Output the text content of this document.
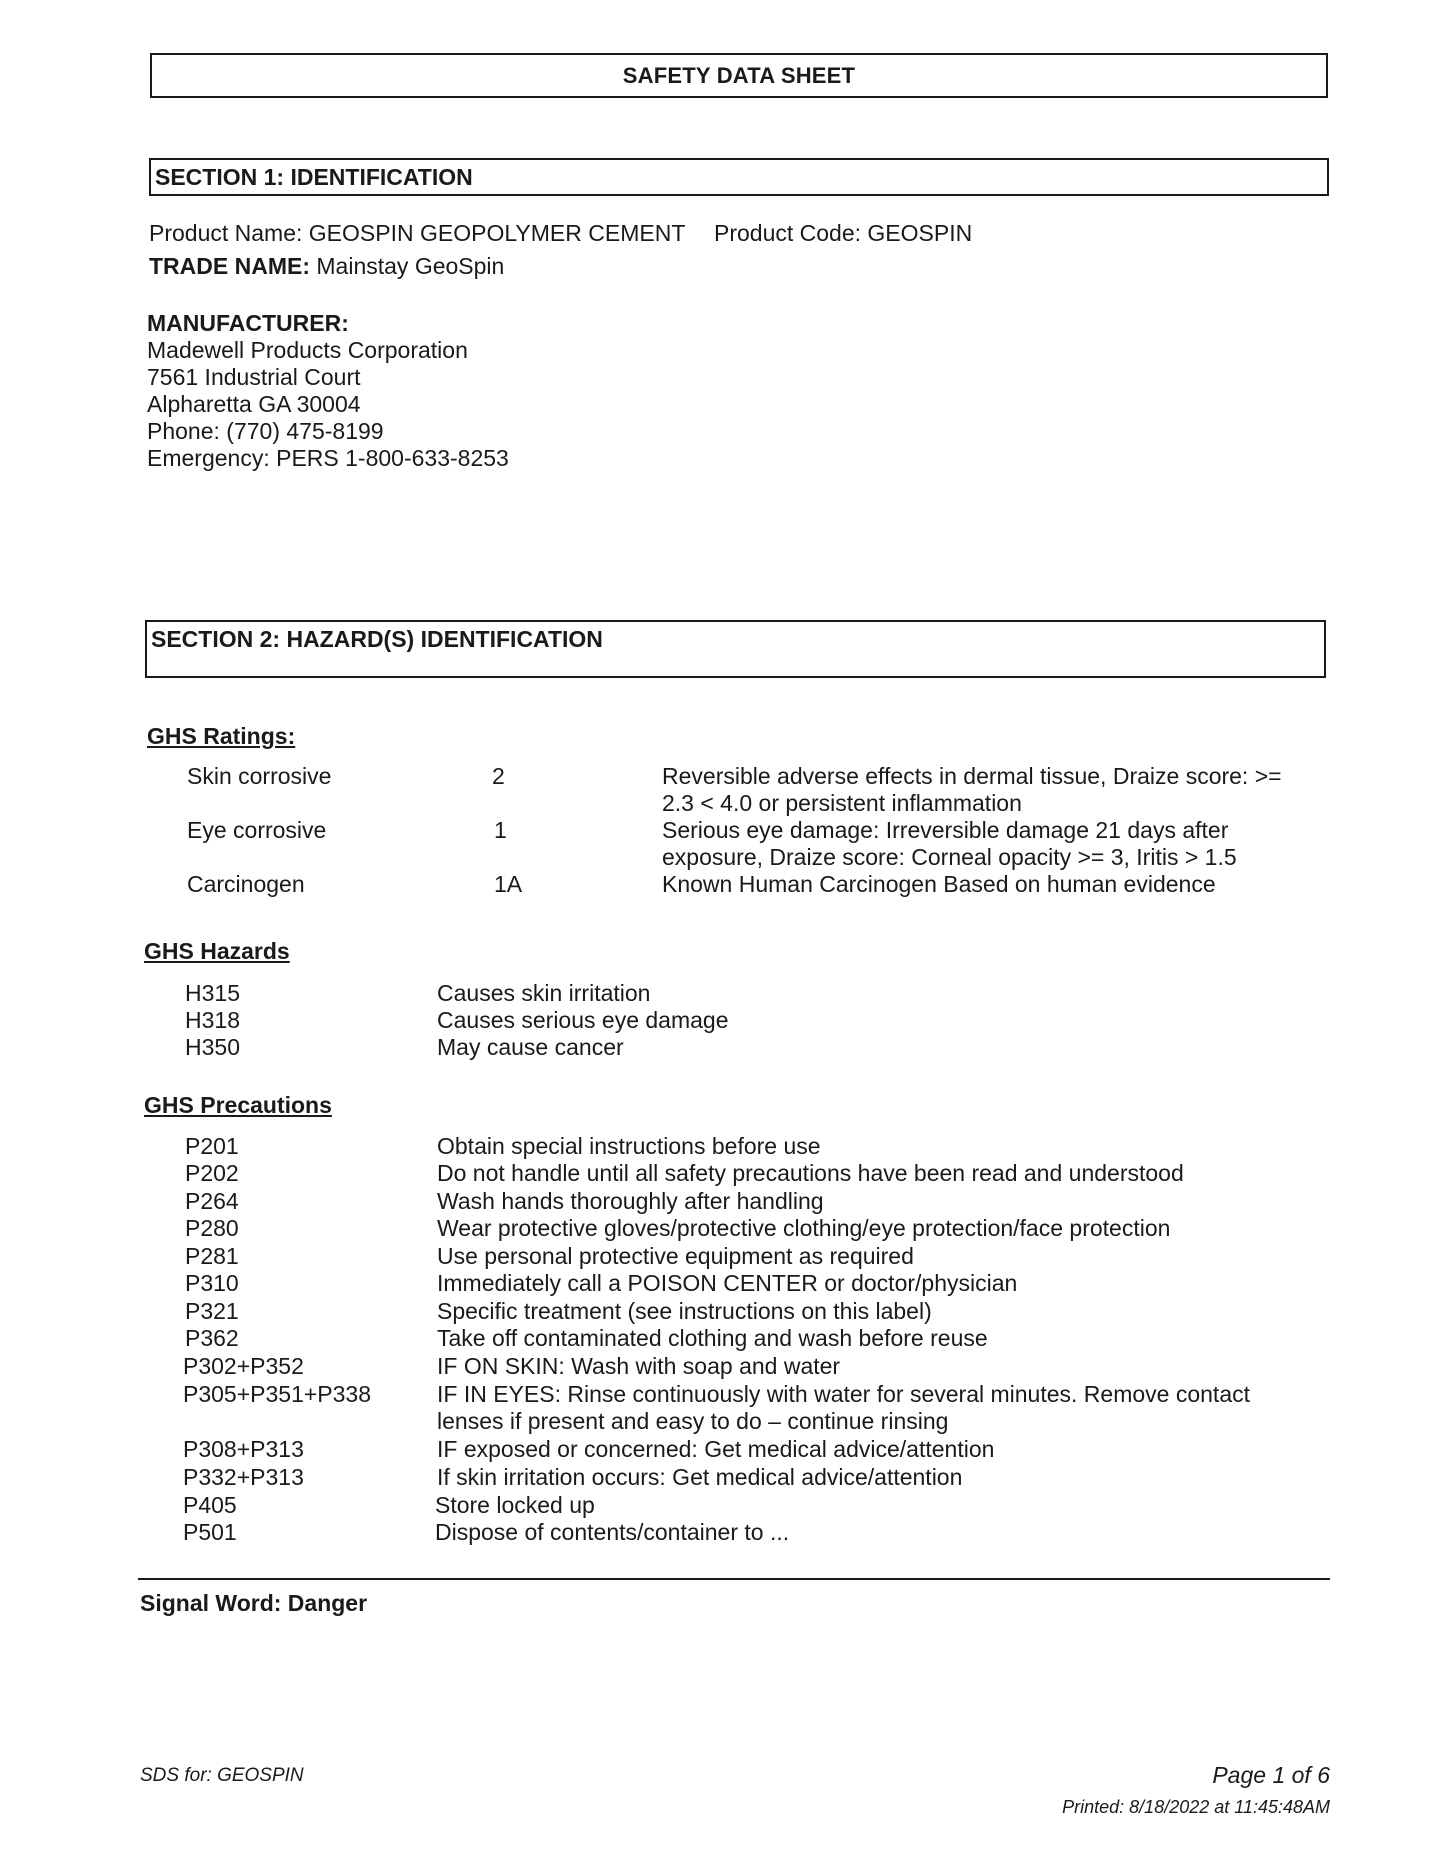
SAFETY DATA SHEET
SECTION 1: IDENTIFICATION
Product Name: GEOSPIN GEOPOLYMER CEMENT Product Code: GEOSPIN
TRADE NAME: Mainstay GeoSpin
MANUFACTURER:
Madewell Products Corporation
7561 Industrial Court
Alpharetta GA 30004
Phone: (770) 475-8199
Emergency: PERS 1-800-633-8253
SECTION 2: HAZARD(S) IDENTIFICATION
GHS Ratings:
Skin corrosive	2	Reversible adverse effects in dermal tissue, Draize score: >=
2.3 < 4.0 or persistent inflammation
Eye corrosive	1	Serious eye damage: Irreversible damage 21 days after
exposure, Draize score: Corneal opacity >= 3, Iritis > 1.5
Carcinogen	1A	Known Human Carcinogen Based on human evidence
GHS Hazards
H315	Causes skin irritation
H318	Causes serious eye damage
H350	May cause cancer
GHS Precautions
P201	Obtain special instructions before use
P202	Do not handle until all safety precautions have been read and understood
P264	Wash hands thoroughly after handling
P280	Wear protective gloves/protective clothing/eye protection/face protection
P281	Use personal protective equipment as required
P310	Immediately call a POISON CENTER or doctor/physician
P321	Specific treatment (see instructions on this label)
P362	Take off contaminated clothing and wash before reuse
P302+P352	IF ON SKIN: Wash with soap and water
P305+P351+P338	IF IN EYES: Rinse continuously with water for several minutes. Remove contact
lenses if present and easy to do – continue rinsing
P308+P313	IF exposed or concerned: Get medical advice/attention
P332+P313	If skin irritation occurs: Get medical advice/attention
P405	Store locked up
P501	Dispose of contents/container to ...
Signal Word: Danger
SDS for: GEOSPIN	Page 1 of 6
Printed: 8/18/2022 at 11:45:48AM
